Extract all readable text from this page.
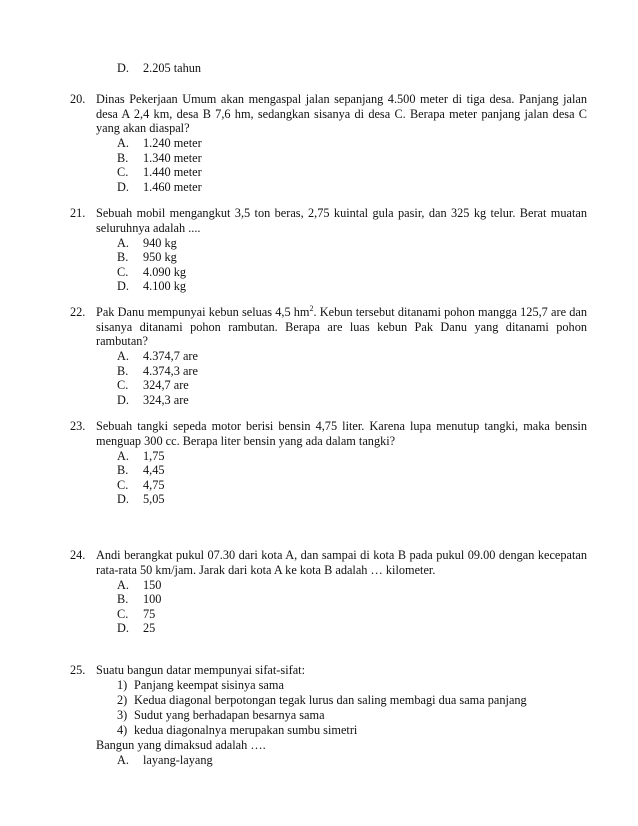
D. 2.205 tahun
20. Dinas Pekerjaan Umum akan mengaspal jalan sepanjang 4.500 meter di tiga desa. Panjang jalan desa A 2,4 km, desa B 7,6 hm, sedangkan sisanya di desa C. Berapa meter panjang jalan desa C yang akan diaspal?
A. 1.240 meter
B. 1.340 meter
C. 1.440 meter
D. 1.460 meter
21. Sebuah mobil mengangkut 3,5 ton beras, 2,75 kuintal gula pasir, dan 325 kg telur. Berat muatan seluruhnya adalah ....
A. 940 kg
B. 950 kg
C. 4.090 kg
D. 4.100 kg
22. Pak Danu mempunyai kebun seluas 4,5 $hm^2$. Kebun tersebut ditanami pohon mangga 125,7 are dan sisanya ditanami pohon rambutan. Berapa are luas kebun Pak Danu yang ditanami pohon rambutan?
A. 4.374,7 are
B. 4.374,3 are
C. 324,7 are
D. 324,3 are
23. Sebuah tangki sepeda motor berisi bensin 4,75 liter. Karena lupa menutup tangki, maka bensin menguap 300 cc. Berapa liter bensin yang ada dalam tangki?
A. 1,75
B. 4,45
C. 4,75
D. 5,05
24. Andi berangkat pukul 07.30 dari kota A, dan sampai di kota B pada pukul 09.00 dengan kecepatan rata-rata 50 km/jam. Jarak dari kota A ke kota B adalah … kilometer.
A. 150
B. 100
C. 75
D. 25
25. Suatu bangun datar mempunyai sifat-sifat:
1) Panjang keempat sisinya sama
2) Kedua diagonal berpotongan tegak lurus dan saling membagi dua sama panjang
3) Sudut yang berhadapan besarnya sama
4) kedua diagonalnya merupakan sumbu simetri
Bangun yang dimaksud adalah ….
A. layang-layang
